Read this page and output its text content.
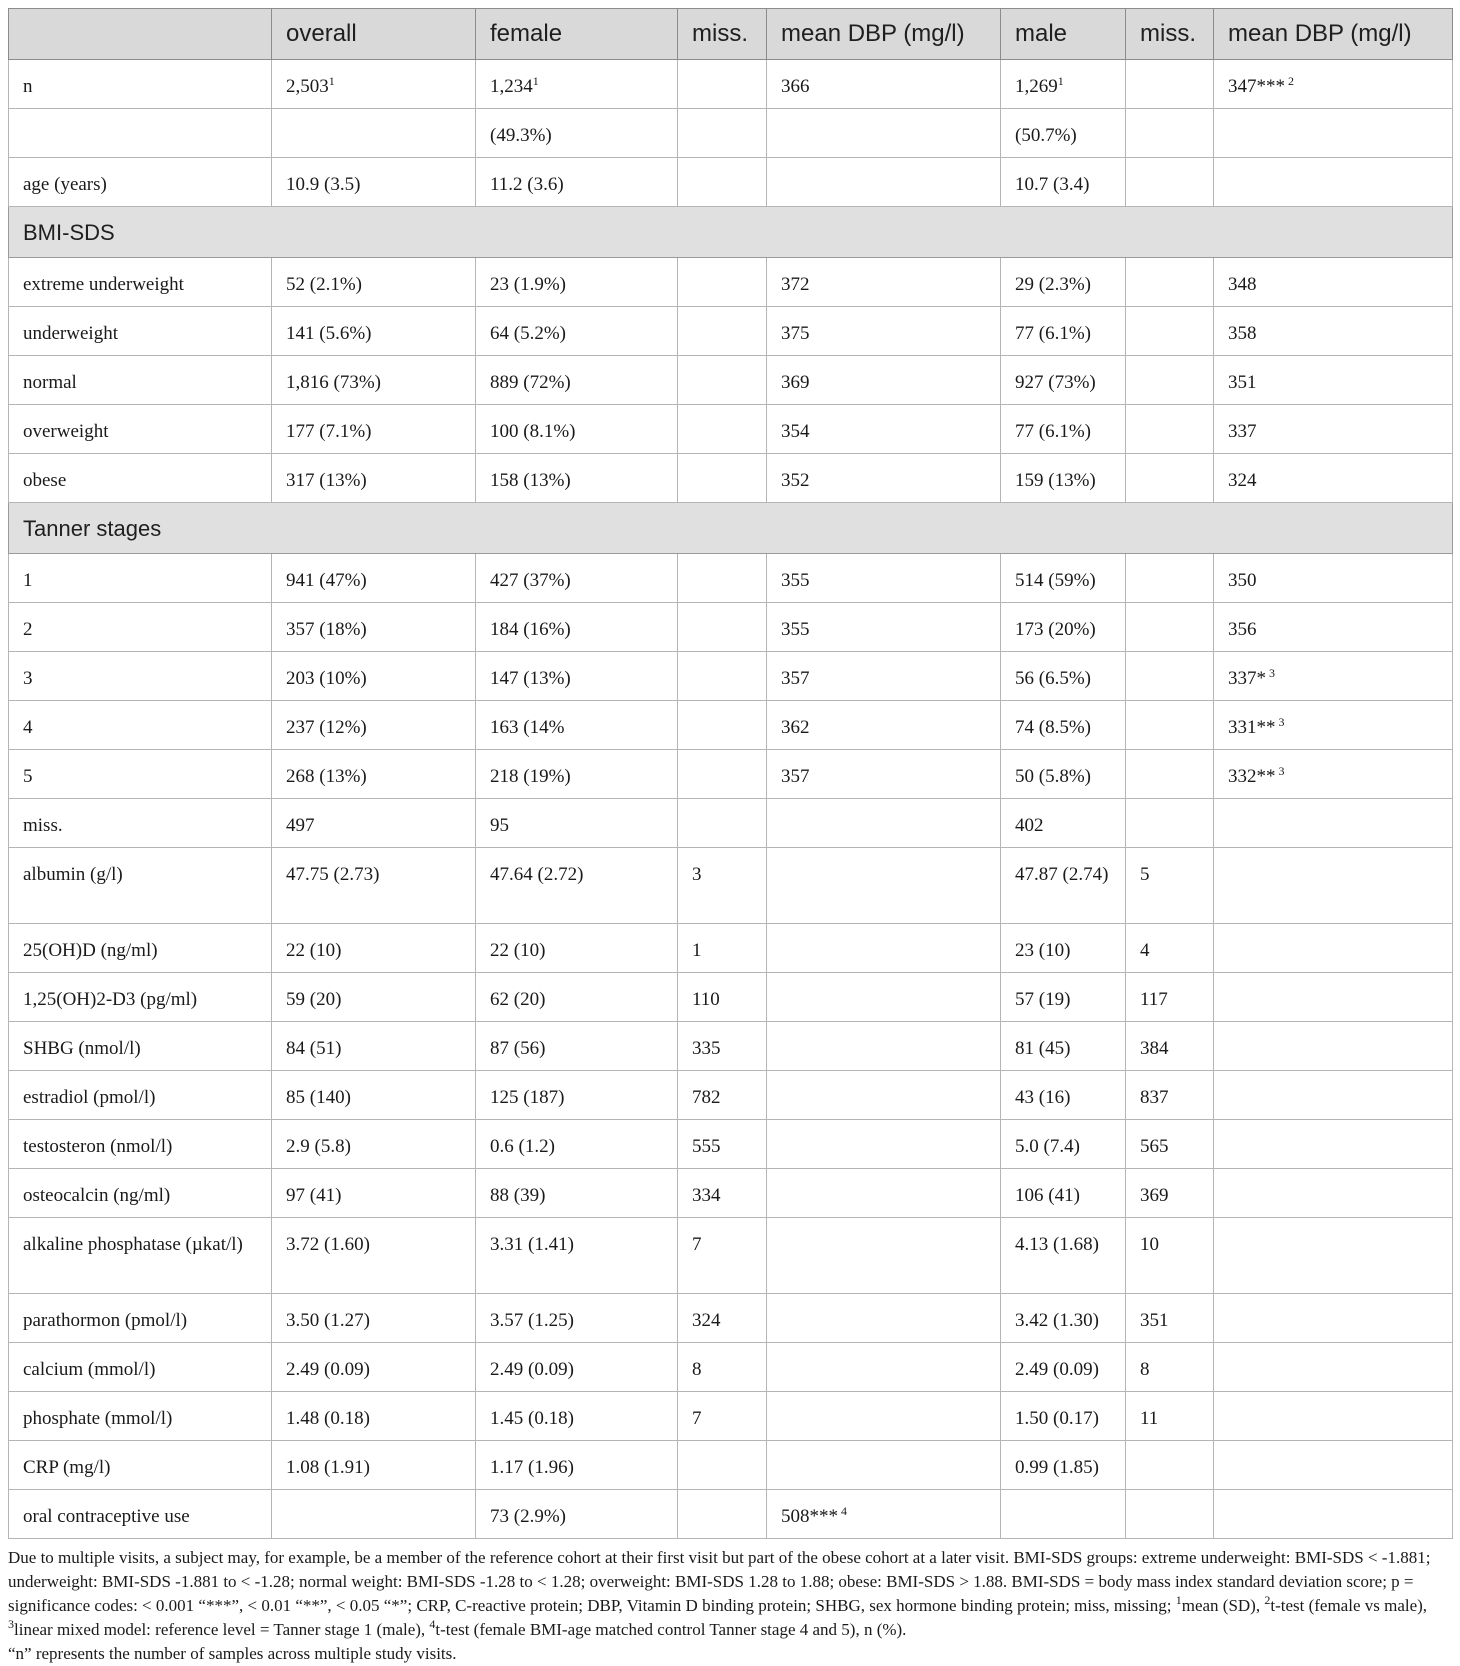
	overall	female	miss.	mean DBP (mg/l)	male	miss.	mean DBP (mg/l)
n	2,503$^1$	1,234$^1$		366	1,269$^1$		347*** $^2$
		(49.3%)			(50.7%)		
age (years)	10.9 (3.5)	11.2 (3.6)			10.7 (3.4)		
BMI-SDS							
extreme underweight	52 (2.1%)	23 (1.9%)		372	29 (2.3%)		348
underweight	141 (5.6%)	64 (5.2%)		375	77 (6.1%)		358
normal	1,816 (73%)	889 (72%)		369	927 (73%)		351
overweight	177 (7.1%)	100 (8.1%)		354	77 (6.1%)		337
obese	317 (13%)	158 (13%)		352	159 (13%)		324
Tanner stages							
1	941 (47%)	427 (37%)		355	514 (59%)		350
2	357 (18%)	184 (16%)		355	173 (20%)		356
3	203 (10%)	147 (13%)		357	56 (6.5%)		337* $^3$
4	237 (12%)	163 (14%		362	74 (8.5%)		331** $^3$
5	268 (13%)	218 (19%)		357	50 (5.8%)		332** $^3$
miss.	497	95			402		
albumin (g/l)	47.75 (2.73)	47.64 (2.72)	3		47.87 (2.74)	5	
25(OH)D (ng/ml)	22 (10)	22 (10)	1		23 (10)	4	
1,25(OH)2-D3 (pg/ml)	59 (20)	62 (20)	110		57 (19)	117	
SHBG (nmol/l)	84 (51)	87 (56)	335		81 (45)	384	
estradiol (pmol/l)	85 (140)	125 (187)	782		43 (16)	837	
testosteron (nmol/l)	2.9 (5.8)	0.6 (1.2)	555		5.0 (7.4)	565	
osteocalcin (ng/ml)	97 (41)	88 (39)	334		106 (41)	369	
alkaline phosphatase (µkat/l)	3.72 (1.60)	3.31 (1.41)	7		4.13 (1.68)	10	
parathormon (pmol/l)	3.50 (1.27)	3.57 (1.25)	324		3.42 (1.30)	351	
calcium (mmol/l)	2.49 (0.09)	2.49 (0.09)	8		2.49 (0.09)	8	
phosphate (mmol/l)	1.48 (0.18)	1.45 (0.18)	7		1.50 (0.17)	11	
CRP (mg/l)	1.08 (1.91)	1.17 (1.96)			0.99 (1.85)		
oral contraceptive use		73 (2.9%)		508*** $^4$			
Due to multiple visits, a subject may, for example, be a member of the reference cohort at their first visit but part of the obese cohort at a later visit. BMI-SDS groups: extreme underweight: BMI-SDS < -1.881; underweight: BMI-SDS -1.881 to < -1.28; normal weight: BMI-SDS -1.28 to < 1.28; overweight: BMI-SDS 1.28 to 1.88; obese: BMI-SDS > 1.88. BMI-SDS = body mass index standard deviation score; p = significance codes: < 0.001 “***”, < 0.01 “**”, < 0.05 “*”; CRP, C-reactive protein; DBP, Vitamin D binding protein; SHBG, sex hormone binding protein; miss, missing; $^1$mean (SD), $^2$t-test (female vs male), $^3$linear mixed model: reference level = Tanner stage 1 (male), $^4$t-test (female BMI-age matched control Tanner stage 4 and 5), n (%).
“n” represents the number of samples across multiple study visits.
